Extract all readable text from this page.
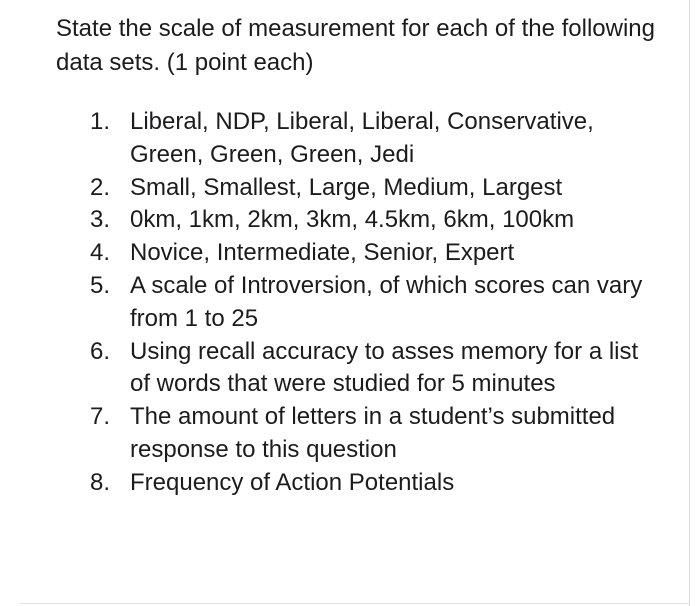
State the scale of measurement for each of the following data sets. (1 point each)

1. Liberal, NDP, Liberal, Liberal, Conservative, Green, Green, Green, Jedi
2. Small, Smallest, Large, Medium, Largest
3. 0km, 1km, 2km, 3km, 4.5km, 6km, 100km
4. Novice, Intermediate, Senior, Expert
5. A scale of Introversion, of which scores can vary from 1 to 25
6. Using recall accuracy to asses memory for a list of words that were studied for 5 minutes
7. The amount of letters in a student’s submitted response to this question
8. Frequency of Action Potentials
